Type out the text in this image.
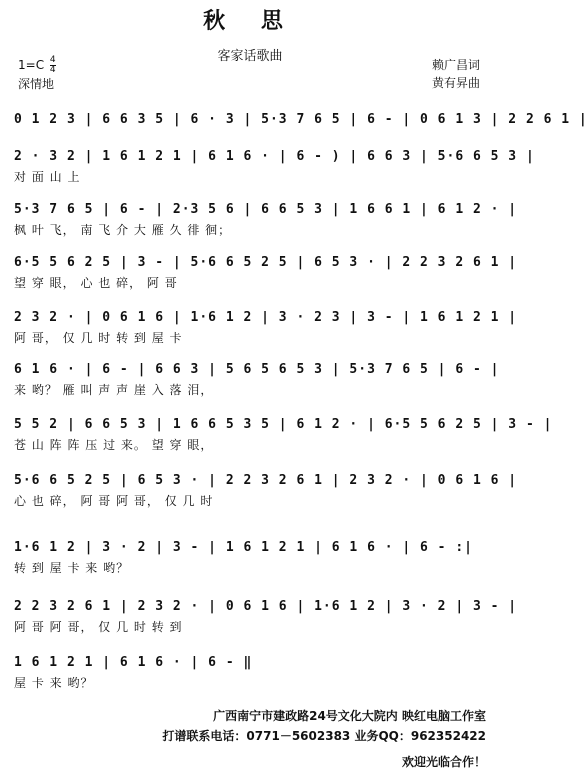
秋 思
客家话歌曲
$1=C \frac{4}{4}$
深情地
赖广昌词
黄有昇曲
0 1 2 3 | 6 6 3 5 | 6 · 3 | 5·3 7 6 5 | 6 - | 0 6 1 3 | 2 2 6 1 |
2 · 3 2 | 1 6 1 2 1 | 6 1 6 · | 6 - ) | 6 6 3 | 5·6 6 5 3 |
对 面 山 上
5·3 7 6 5 | 6 - | 2·3 5 6 | 6 6 5 3 | 1 6 6 1 | 6 1 2 · |
枫 叶 飞， 南 飞 介 大 雁 久 徘 徊；
6·5 5 6 2 5 | 3 - | 5·6 6 5 2 5 | 6 5 3 · | 2 2 3 2 6 1 |
望 穿 眼， 心 也 碎， 阿 哥
2 3 2 · | 0 6 1 6 | 1·6 1 2 | 3 · 2 3 | 3 - | 1 6 1 2 1 |
阿 哥， 仅 几 时 转 到 屋 卡
6 1 6 · | 6 - | 6 6 3 | 5 6 5 6 5 3 | 5·3 7 6 5 | 6 - |
来 哟？ 雁 叫 声 声 崖 入 落 泪，
5 5 2 | 6 6 5 3 | 1 6 6 5 3 5 | 6 1 2 · | 6·5 5 6 2 5 | 3 - |
苍 山 阵 阵 压 过 来。 望 穿 眼，
5·6 6 5 2 5 | 6 5 3 · | 2 2 3 2 6 1 | 2 3 2 · | 0 6 1 6 |
心 也 碎， 阿 哥 阿 哥， 仅 几 时
1·6 1 2 | 3 · 2 | 3 - | 1 6 1 2 1 | 6 1 6 · | 6 - :|
转 到 屋 卡 来 哟？
2 2 3 2 6 1 | 2 3 2 · | 0 6 1 6 | 1·6 1 2 | 3 · 2 | 3 - |
阿 哥 阿 哥， 仅 几 时 转 到
1 6 1 2 1 | 6 1 6 · | 6 - ‖
屋 卡 来 哟？
广西南宁市建政路24号文化大院内 映红电脑工作室
打谱联系电话：0771－5602383 业务QQ：962352422
欢迎光临合作！
